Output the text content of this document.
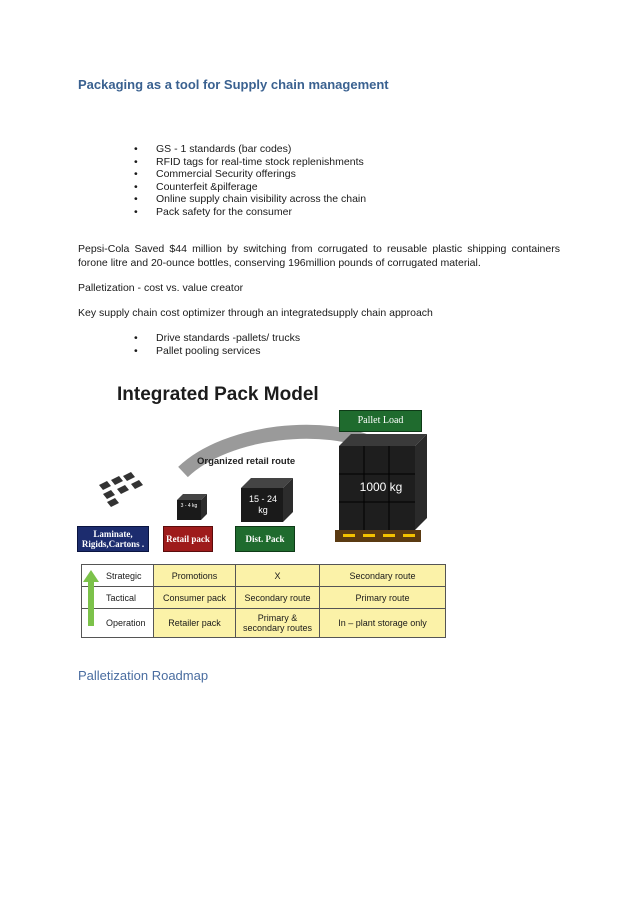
Packaging as a tool for Supply chain management
• GS - 1 standards (bar codes)
• RFID tags for real-time stock replenishments
• Commercial Security offerings
• Counterfeit &pilferage
• Online supply chain visibility across the chain
• Pack safety for the consumer

Pepsi-Cola Saved $44 million by switching from corrugated to reusable plastic shipping containers forone litre and 20-ounce bottles, conserving 196million pounds of corrugated material.

Palletization - cost vs. value creator

Key supply chain cost optimizer through an integratedsupply chain approach

• Drive standards -pallets/ trucks
• Pallet pooling services
Integrated Pack Model
Pallet Load
Organized retail route
1000 kg
15 - 24 kg
3 - 4 kg
Laminate, Rigids,Cartons .	Retail pack	Dist. Pack
Strategic	Promotions	X	Secondary route
Tactical	Consumer pack	Secondary route	Primary route
Operation	Retailer pack	Primary & secondary routes	In – plant storage only
Palletization Roadmap
